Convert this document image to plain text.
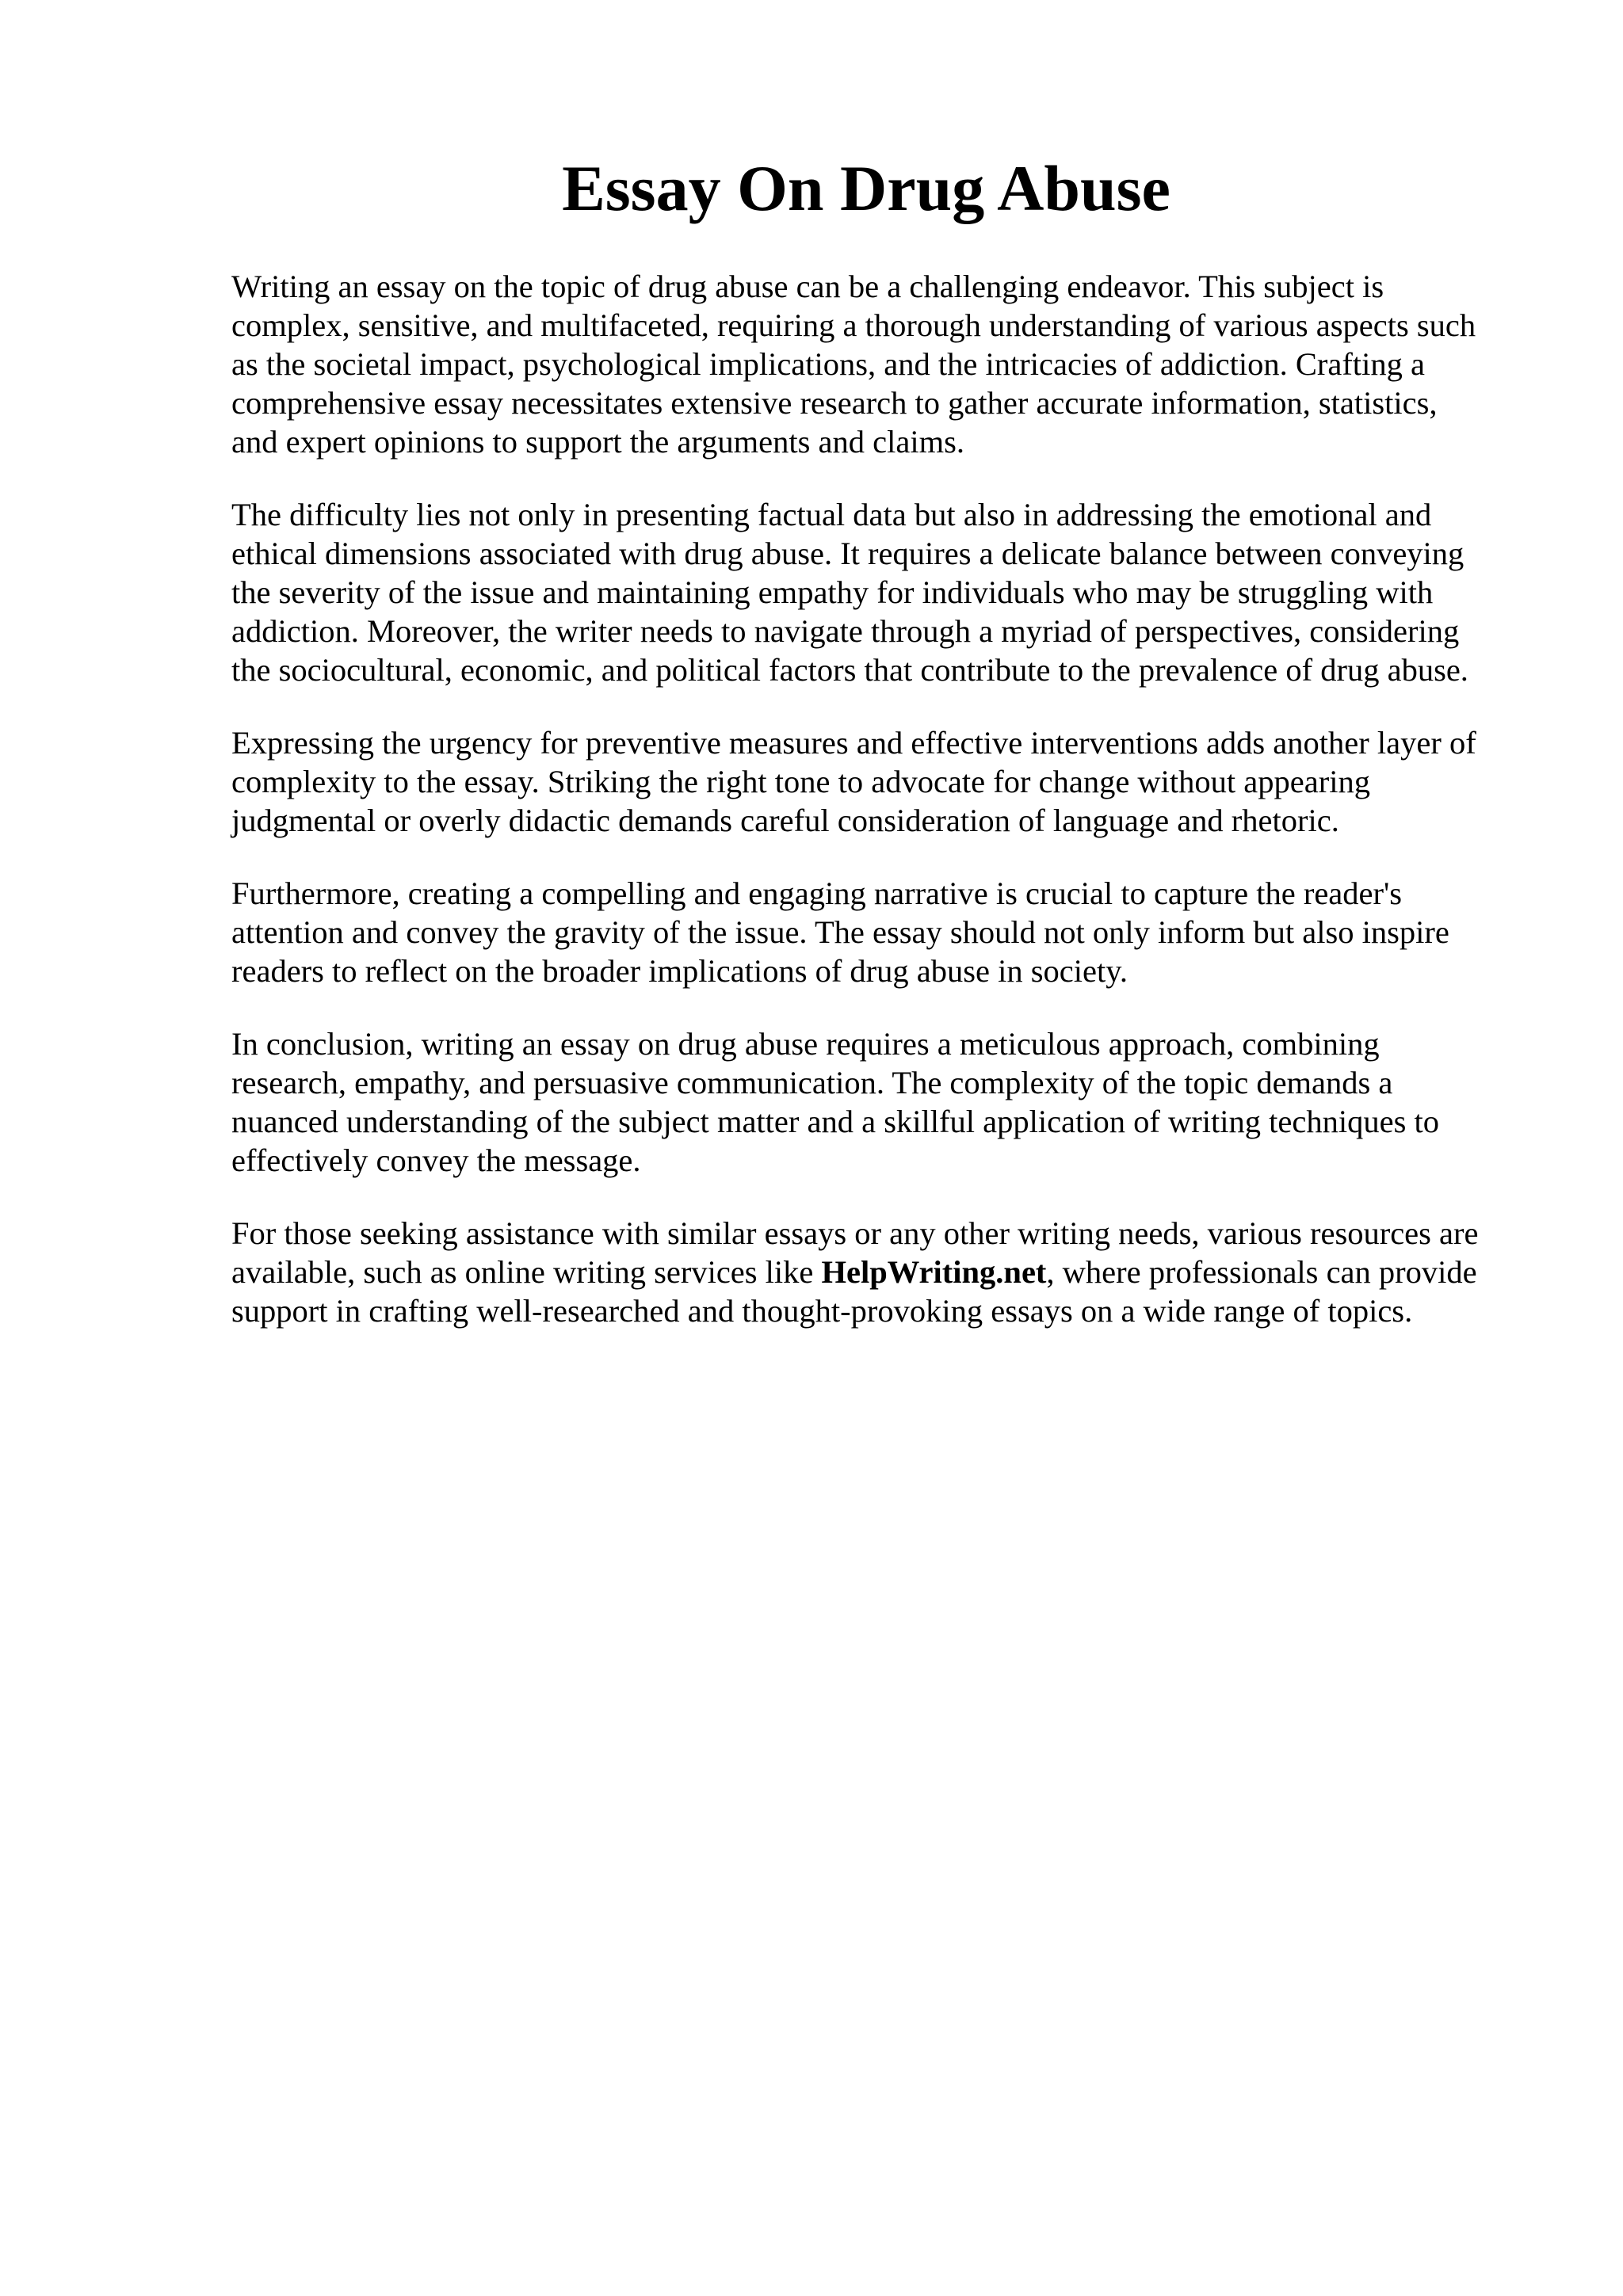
Essay On Drug Abuse

Writing an essay on the topic of drug abuse can be a challenging endeavor. This subject is
complex, sensitive, and multifaceted, requiring a thorough understanding of various aspects such
as the societal impact, psychological implications, and the intricacies of addiction. Crafting a
comprehensive essay necessitates extensive research to gather accurate information, statistics,
and expert opinions to support the arguments and claims.

The difficulty lies not only in presenting factual data but also in addressing the emotional and
ethical dimensions associated with drug abuse. It requires a delicate balance between conveying
the severity of the issue and maintaining empathy for individuals who may be struggling with
addiction. Moreover, the writer needs to navigate through a myriad of perspectives, considering
the sociocultural, economic, and political factors that contribute to the prevalence of drug abuse.

Expressing the urgency for preventive measures and effective interventions adds another layer of
complexity to the essay. Striking the right tone to advocate for change without appearing
judgmental or overly didactic demands careful consideration of language and rhetoric.

Furthermore, creating a compelling and engaging narrative is crucial to capture the reader's
attention and convey the gravity of the issue. The essay should not only inform but also inspire
readers to reflect on the broader implications of drug abuse in society.

In conclusion, writing an essay on drug abuse requires a meticulous approach, combining
research, empathy, and persuasive communication. The complexity of the topic demands a
nuanced understanding of the subject matter and a skillful application of writing techniques to
effectively convey the message.

For those seeking assistance with similar essays or any other writing needs, various resources are
available, such as online writing services like HelpWriting.net, where professionals can provide
support in crafting well-researched and thought-provoking essays on a wide range of topics.
